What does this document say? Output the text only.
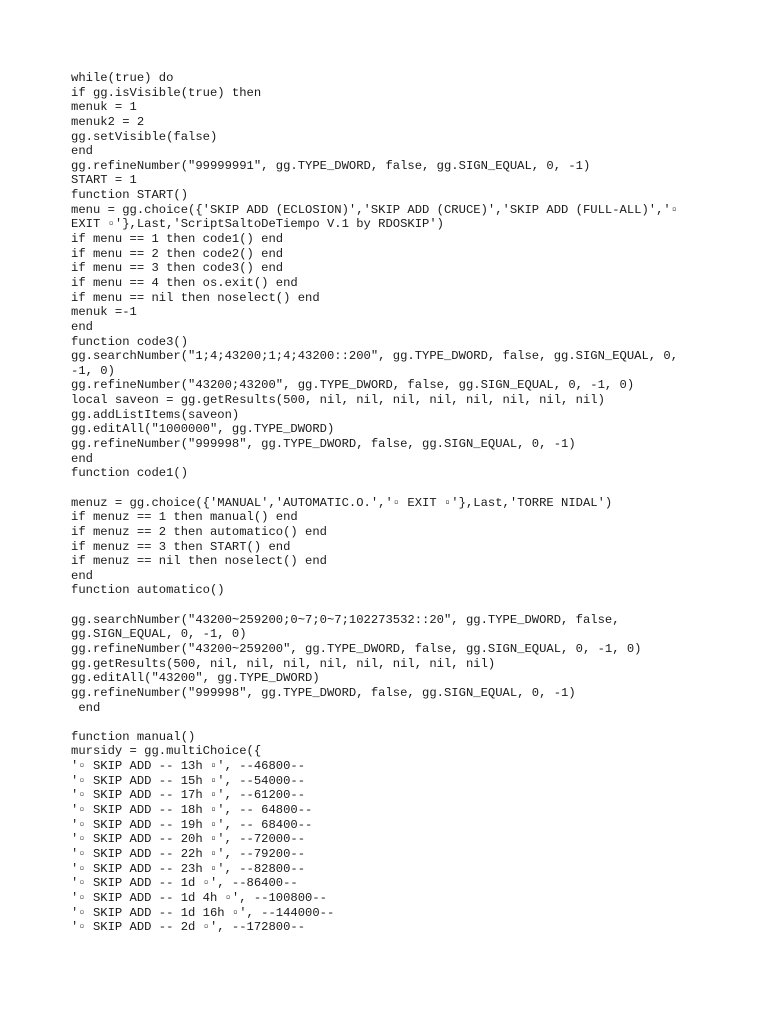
while(true) do
if gg.isVisible(true) then
menuk = 1
menuk2 = 2
gg.setVisible(false)
end
gg.refineNumber("99999991", gg.TYPE_DWORD, false, gg.SIGN_EQUAL, 0, -1)
START = 1
function START()
menu = gg.choice({'SKIP ADD (ECLOSION)','SKIP ADD (CRUCE)','SKIP ADD (FULL-ALL)','▫
EXIT ▫'},Last,'ScriptSaltoDeTiempo V.1 by RDOSKIP')
if menu == 1 then code1() end
if menu == 2 then code2() end
if menu == 3 then code3() end
if menu == 4 then os.exit() end
if menu == nil then noselect() end
menuk =-1
end
function code3()
gg.searchNumber("1;4;43200;1;4;43200::200", gg.TYPE_DWORD, false, gg.SIGN_EQUAL, 0,
-1, 0)
gg.refineNumber("43200;43200", gg.TYPE_DWORD, false, gg.SIGN_EQUAL, 0, -1, 0)
local saveon = gg.getResults(500, nil, nil, nil, nil, nil, nil, nil, nil)
gg.addListItems(saveon)
gg.editAll("1000000", gg.TYPE_DWORD)
gg.refineNumber("999998", gg.TYPE_DWORD, false, gg.SIGN_EQUAL, 0, -1)
end
function code1()
menuz = gg.choice({'MANUAL','AUTOMATIC.O.','▫ EXIT ▫'},Last,'TORRE NIDAL')
if menuz == 1 then manual() end
if menuz == 2 then automatico() end
if menuz == 3 then START() end
if menuz == nil then noselect() end
end
function automatico()
gg.searchNumber("43200~259200;0~7;0~7;102273532::20", gg.TYPE_DWORD, false,
gg.SIGN_EQUAL, 0, -1, 0)
gg.refineNumber("43200~259200", gg.TYPE_DWORD, false, gg.SIGN_EQUAL, 0, -1, 0)
gg.getResults(500, nil, nil, nil, nil, nil, nil, nil, nil)
gg.editAll("43200", gg.TYPE_DWORD)
gg.refineNumber("999998", gg.TYPE_DWORD, false, gg.SIGN_EQUAL, 0, -1)
end
function manual()
mursidy = gg.multiChoice({
'▫ SKIP ADD -- 13h ▫', --46800--
'▫ SKIP ADD -- 15h ▫', --54000--
'▫ SKIP ADD -- 17h ▫', --61200--
'▫ SKIP ADD -- 18h ▫', -- 64800--
'▫ SKIP ADD -- 19h ▫', -- 68400--
'▫ SKIP ADD -- 20h ▫', --72000--
'▫ SKIP ADD -- 22h ▫', --79200--
'▫ SKIP ADD -- 23h ▫', --82800--
'▫ SKIP ADD -- 1d ▫', --86400--
'▫ SKIP ADD -- 1d 4h ▫', --100800--
'▫ SKIP ADD -- 1d 16h ▫', --144000--
'▫ SKIP ADD -- 2d ▫', --172800--
